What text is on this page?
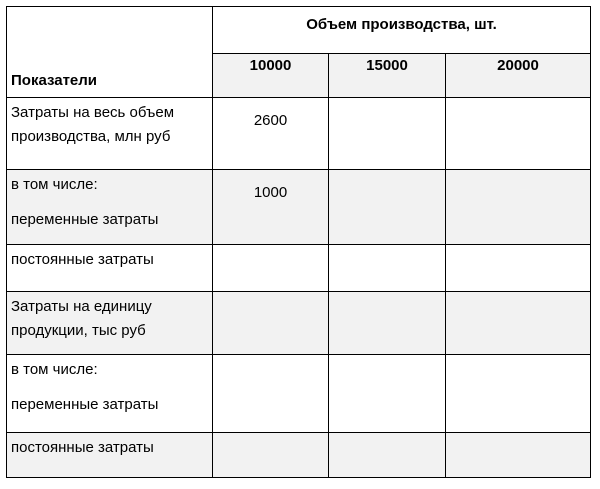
Показатели	Объем производства, шт.		
	10000	15000	20000

Затраты на весь объем
производства, млн руб	2600		

в том числе:
переменные затраты	1000		

постоянные затраты			

Затраты на единицу
продукции, тыс руб			

в том числе:
переменные затраты			

постоянные затраты			
